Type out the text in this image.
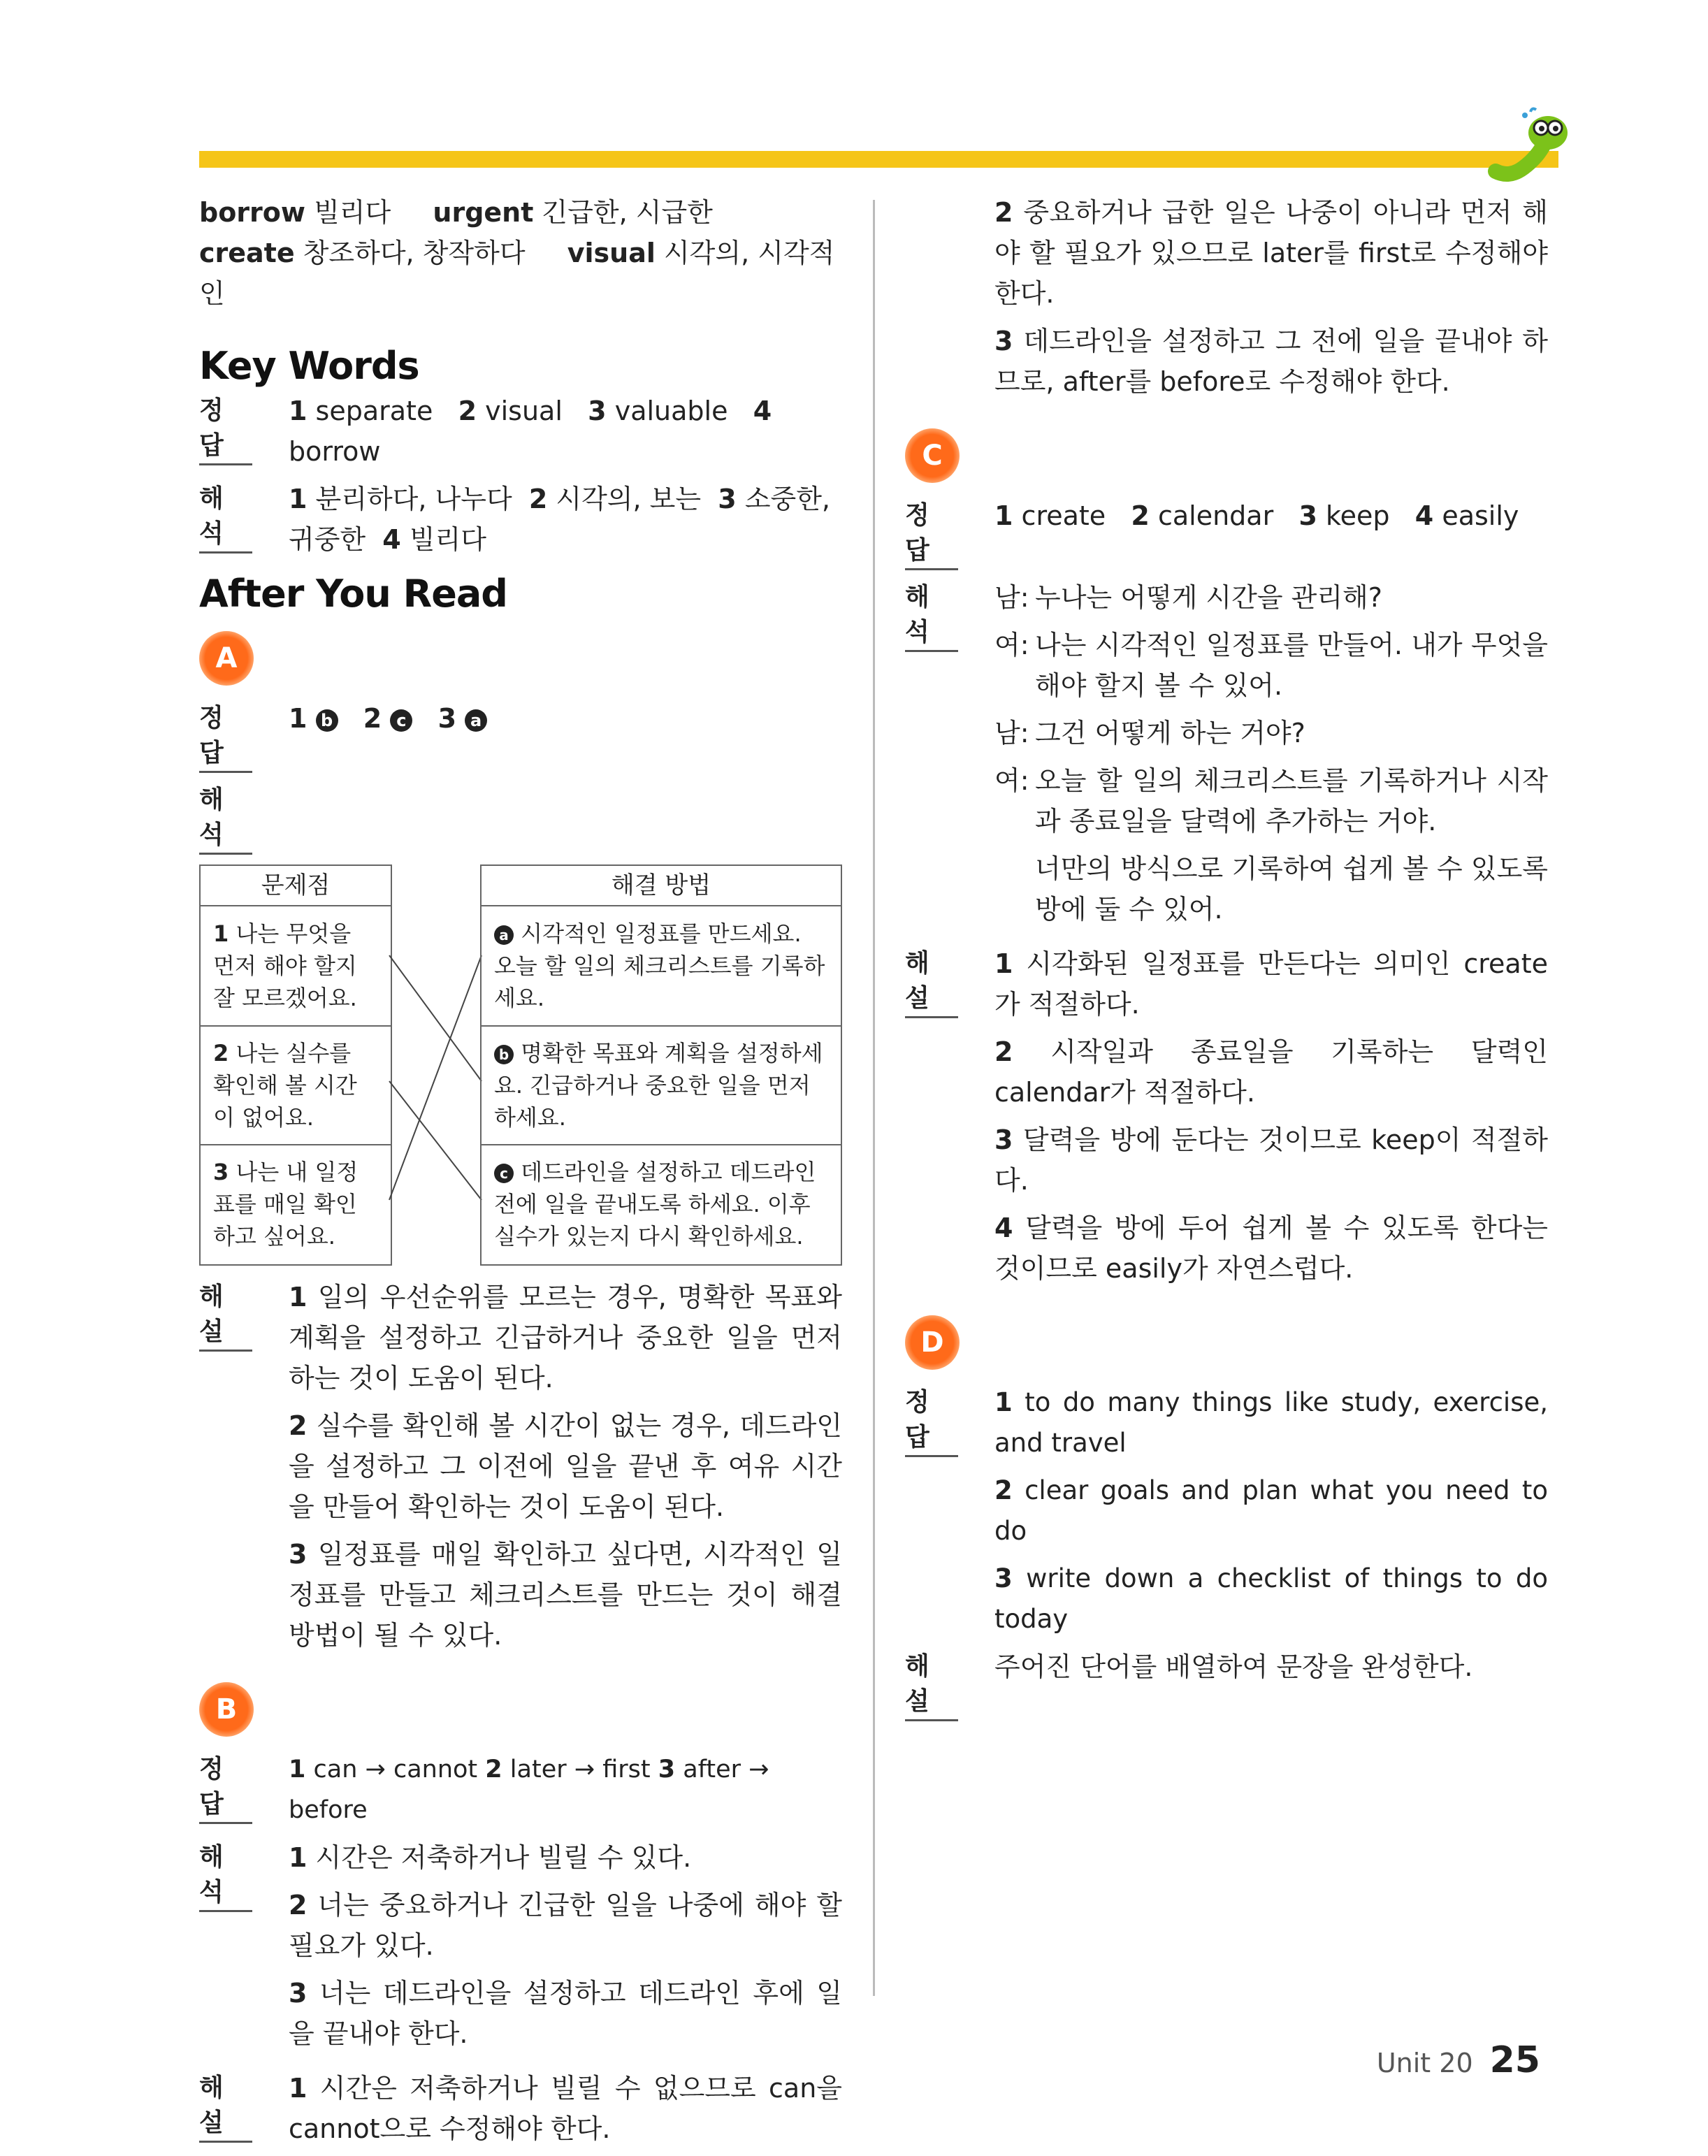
borrow 빌리다 urgent 긴급한, 시급한
create 창조하다, 창작하다 visual 시각의, 시각적인
Key Words
정답
1 separate 2 visual 3 valuable 4 borrow
해석
1 분리하다, 나누다 2 시각의, 보는 3 소중한, 귀중한 4 빌리다
After You Read
A
정답
1 b 2 c 3 a
해석
문제점
1 나는 무엇을 먼저 해야 할지 잘 모르겠어요.
2 나는 실수를 확인해 볼 시간이 없어요.
3 나는 내 일정표를 매일 확인하고 싶어요.
해결 방법
a 시각적인 일정표를 만드세요. 오늘 할 일의 체크리스트를 기록하세요.
b 명확한 목표와 계획을 설정하세요. 긴급하거나 중요한 일을 먼저 하세요.
c 데드라인을 설정하고 데드라인 전에 일을 끝내도록 하세요. 이후 실수가 있는지 다시 확인하세요.
해설
1 일의 우선순위를 모르는 경우, 명확한 목표와 계획을 설정하고 긴급하거나 중요한 일을 먼저 하는 것이 도움이 된다.
2 실수를 확인해 볼 시간이 없는 경우, 데드라인을 설정하고 그 이전에 일을 끝낸 후 여유 시간을 만들어 확인하는 것이 도움이 된다.
3 일정표를 매일 확인하고 싶다면, 시각적인 일정표를 만들고 체크리스트를 만드는 것이 해결 방법이 될 수 있다.
B
정답
1 can → cannot 2 later → first 3 after → before
해석
1 시간은 저축하거나 빌릴 수 있다.
2 너는 중요하거나 긴급한 일을 나중에 해야 할 필요가 있다.
3 너는 데드라인을 설정하고 데드라인 후에 일을 끝내야 한다.
해설
1 시간은 저축하거나 빌릴 수 없으므로 can을 cannot으로 수정해야 한다.
2 중요하거나 급한 일은 나중이 아니라 먼저 해야 할 필요가 있으므로 later를 first로 수정해야 한다.
3 데드라인을 설정하고 그 전에 일을 끝내야 하므로, after를 before로 수정해야 한다.
C
정답
1 create 2 calendar 3 keep 4 easily
해석
남: 누나는 어떻게 시간을 관리해?
여: 나는 시각적인 일정표를 만들어. 내가 무엇을 해야 할지 볼 수 있어.
남: 그건 어떻게 하는 거야?
여: 오늘 할 일의 체크리스트를 기록하거나 시작과 종료일을 달력에 추가하는 거야.
너만의 방식으로 기록하여 쉽게 볼 수 있도록 방에 둘 수 있어.
해설
1 시각화된 일정표를 만든다는 의미인 create가 적절하다.
2 시작일과 종료일을 기록하는 달력인 calendar가 적절하다.
3 달력을 방에 둔다는 것이므로 keep이 적절하다.
4 달력을 방에 두어 쉽게 볼 수 있도록 한다는 것이므로 easily가 자연스럽다.
D
정답
1 to do many things like study, exercise, and travel
2 clear goals and plan what you need to do
3 write down a checklist of things to do today
해설
주어진 단어를 배열하여 문장을 완성한다.
Unit 20 25
